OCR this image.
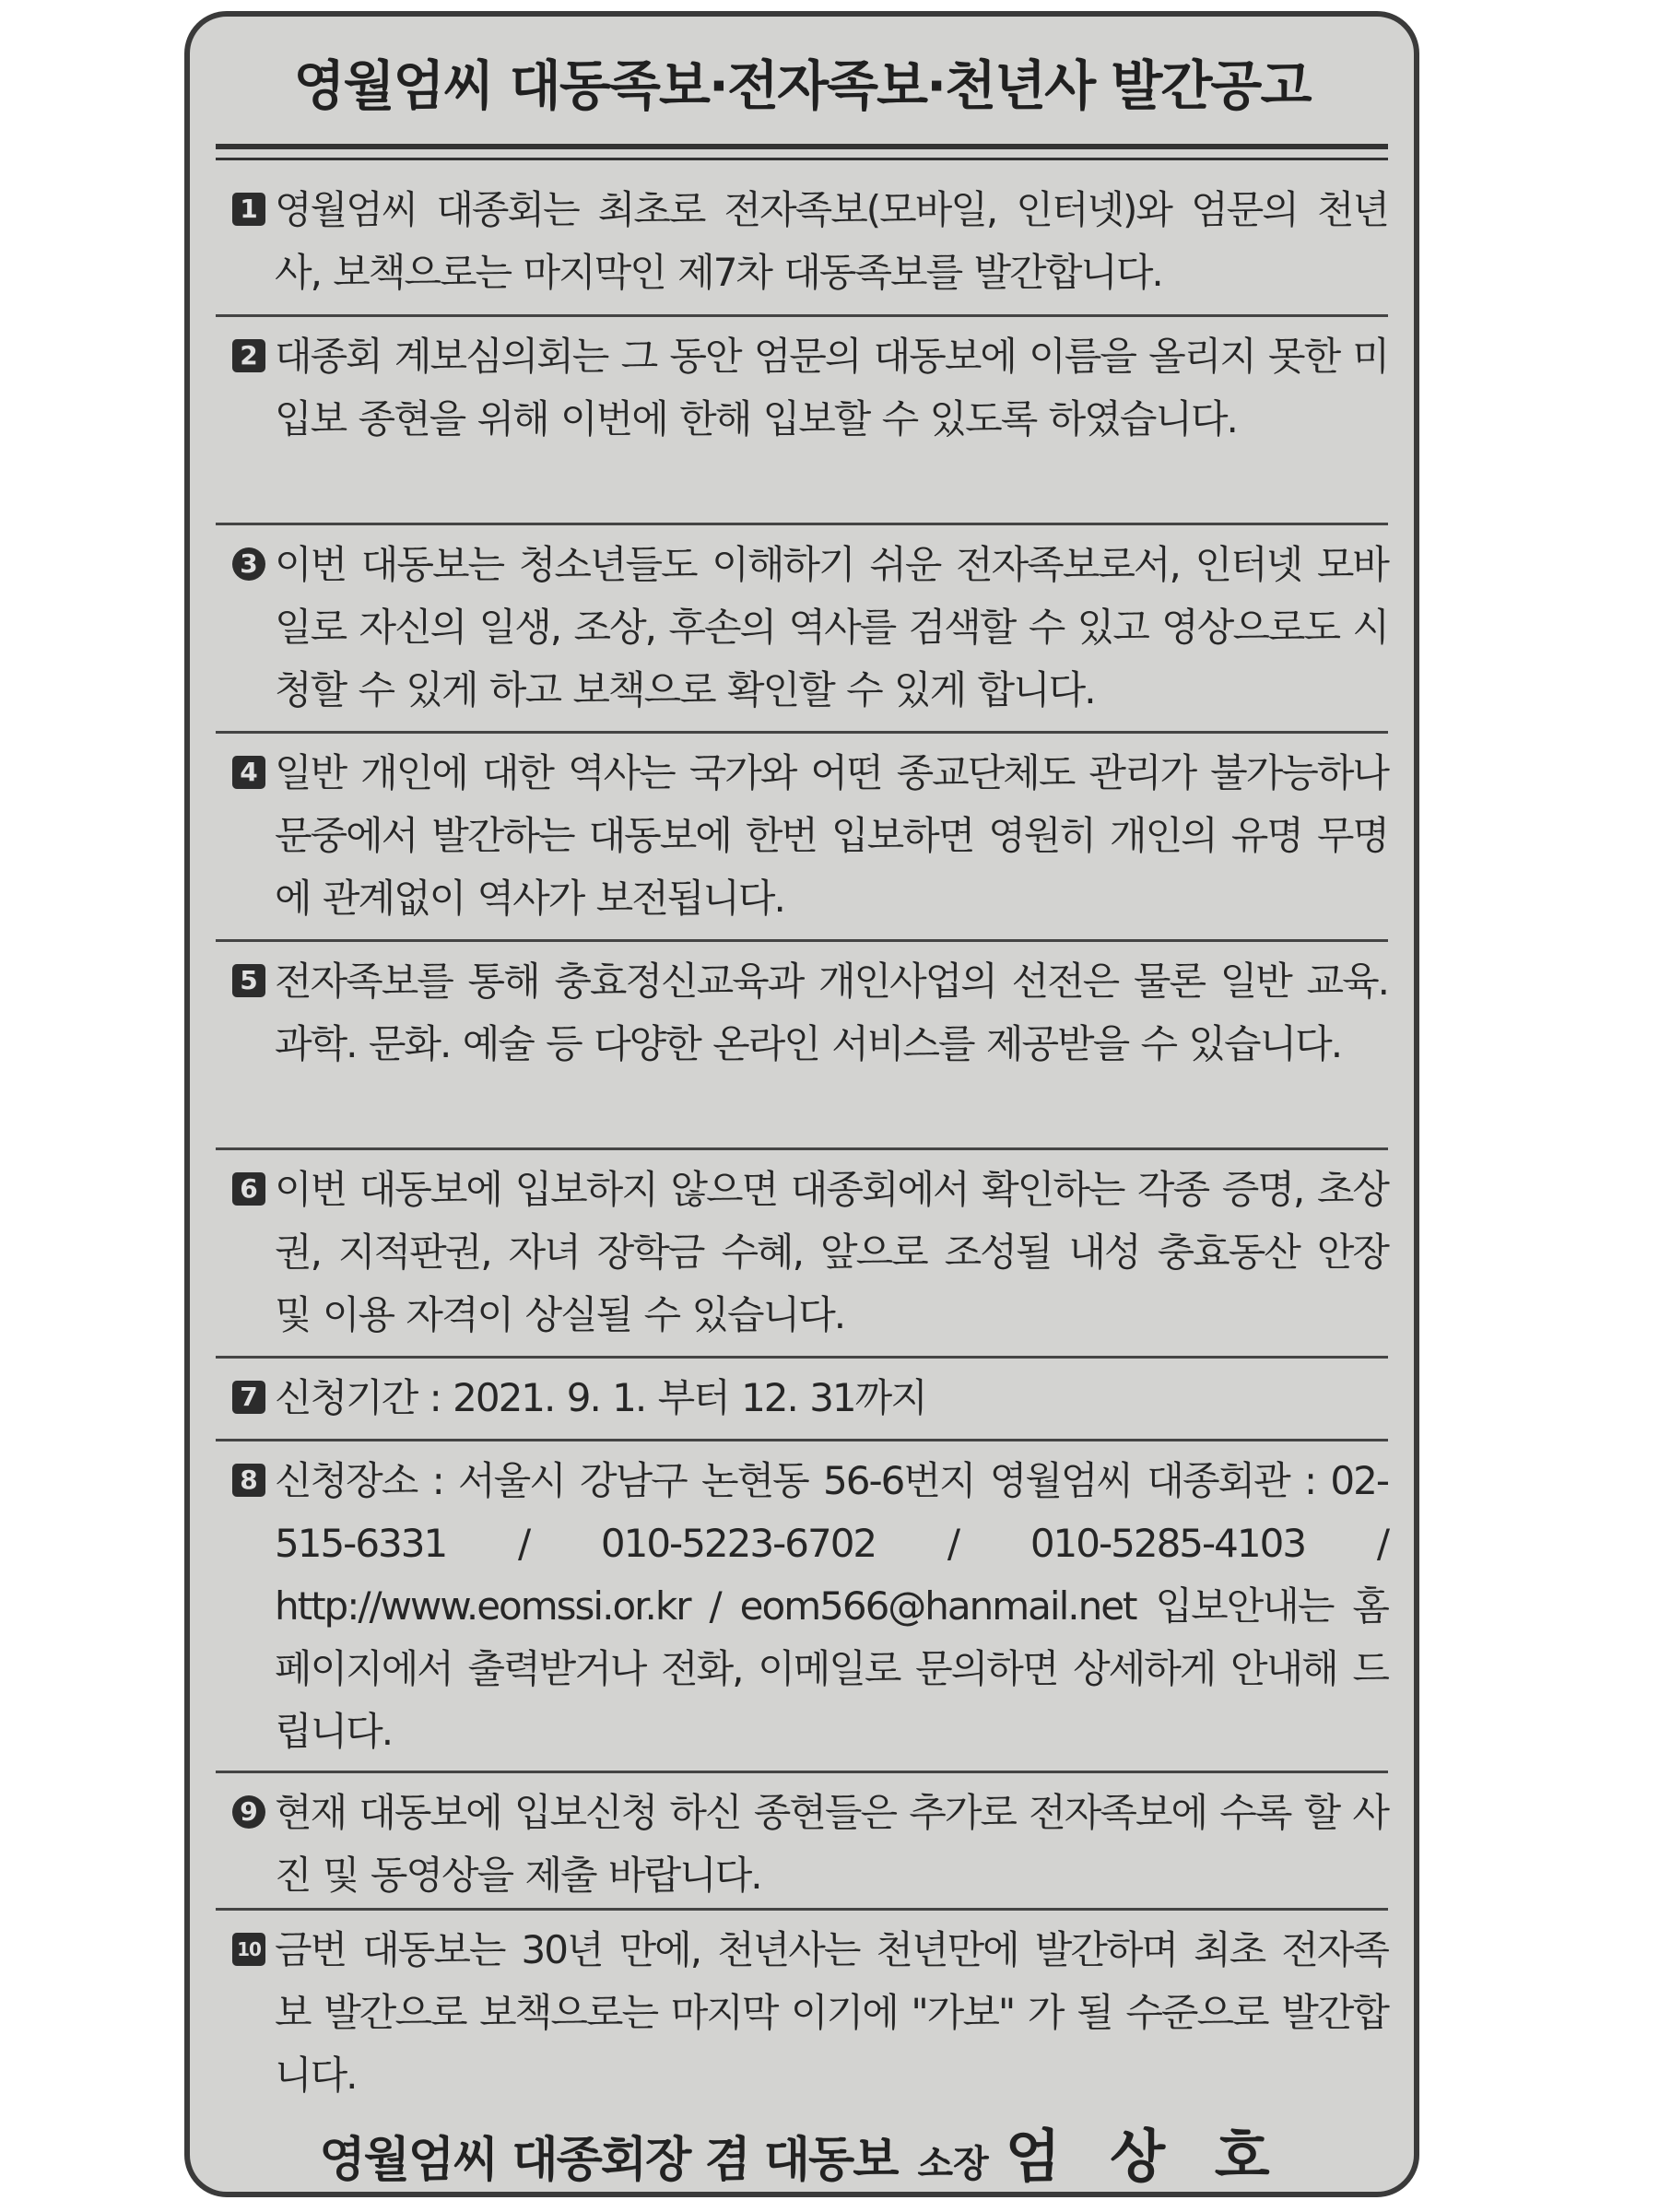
영월엄씨 대동족보·전자족보·천년사 발간공고
1 영월엄씨 대종회는 최초로 전자족보(모바일, 인터넷)와 엄문의 천년사, 보책으로는 마지막인 제7차 대동족보를 발간합니다.

2 대종회 계보심의회는 그 동안 엄문의 대동보에 이름을 올리지 못한 미입보 종현을 위해 이번에 한해 입보할 수 있도록 하였습니다.

3 이번 대동보는 청소년들도 이해하기 쉬운 전자족보로서, 인터넷 모바일로 자신의 일생, 조상, 후손의 역사를 검색할 수 있고 영상으로도 시청할 수 있게 하고 보책으로 확인할 수 있게 합니다.

4 일반 개인에 대한 역사는 국가와 어떤 종교단체도 관리가 불가능하나 문중에서 발간하는 대동보에 한번 입보하면 영원히 개인의 유명 무명에 관계없이 역사가 보전됩니다.

5 전자족보를 통해 충효정신교육과 개인사업의 선전은 물론 일반 교육. 과학. 문화. 예술 등 다양한 온라인 서비스를 제공받을 수 있습니다.

6 이번 대동보에 입보하지 않으면 대종회에서 확인하는 각종 증명, 초상권, 지적판권, 자녀 장학금 수혜, 앞으로 조성될 내성 충효동산 안장 및 이용 자격이 상실될 수 있습니다.

7 신청기간 : 2021. 9. 1. 부터 12. 31까지

8 신청장소 : 서울시 강남구 논현동 56-6번지 영월엄씨 대종회관 : 02-515-6331 / 010-5223-6702 / 010-5285-4103 / http://www.eomssi.or.kr / eom566@hanmail.net 입보안내는 홈페이지에서 출력받거나 전화, 이메일로 문의하면 상세하게 안내해 드립니다.

9 현재 대동보에 입보신청 하신 종현들은 추가로 전자족보에 수록 할 사진 및 동영상을 제출 바랍니다.

10 금번 대동보는 30년 만에, 천년사는 천년만에 발간하며 최초 전자족보 발간으로 보책으로는 마지막 이기에 "가보" 가 될 수준으로 발간합니다.

영월엄씨 대종회장 겸 대동보 소장 엄 상 호
